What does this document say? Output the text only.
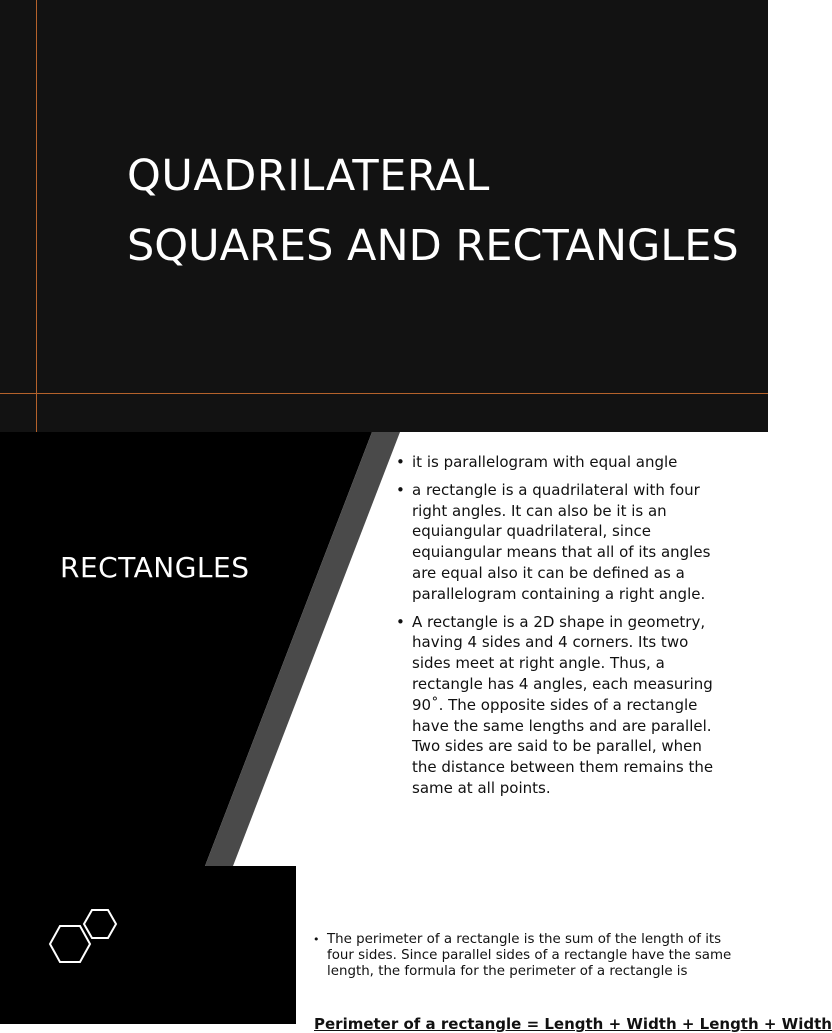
QUADRILATERAL
SQUARES AND RECTANGLES
RECTANGLES
• it is parallelogram with equal angle
• a rectangle is a quadrilateral with four right angles. It can also be it is an equiangular quadrilateral, since equiangular means that all of its angles are equal also it can be defined as a parallelogram containing a right angle.
• A rectangle is a 2D shape in geometry, having 4 sides and 4 corners. Its two sides meet at right angle. Thus, a rectangle has 4 angles, each measuring 90˚. The opposite sides of a rectangle have the same lengths and are parallel. Two sides are said to be parallel, when the distance between them remains the same at all points.
• The perimeter of a rectangle is the sum of the length of its four sides. Since parallel sides of a rectangle have the same length, the formula for the perimeter of a rectangle is
Perimeter of a rectangle = Length + Width + Length + Width
